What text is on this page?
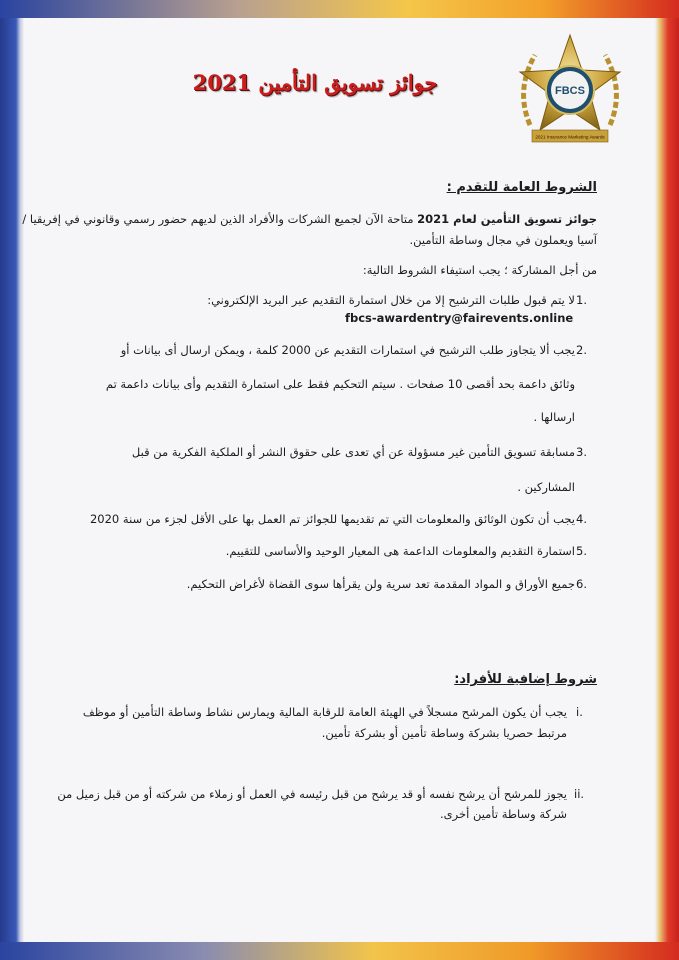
FBCS
2021 Insurance Marketing Awards
جوائز تسويق التأمين 2021
الشروط العامة للتقدم :
جوائز تسويق التأمين لعام 2021 متاحة الآن لجميع الشركات والأفراد الذين لديهم حضور رسمي وقانوني في إفريقيا /
آسيا ويعملون في مجال وساطة التأمين.
من أجل المشاركة ؛ يجب استيفاء الشروط التالية:
لا يتم قبول طلبات الترشيح إلا من خلال استمارة التقديم عبر البريد الإلكتروني: 1.
fbcs-awardentry@fairevents.online
يجب ألا يتجاوز طلب الترشيح في استمارات التقديم عن 2000 كلمة ، ويمكن ارسال أى بيانات أو 2.
وثائق داعمة بحد أقصى 10 صفحات . سيتم التحكيم فقط على استمارة التقديم وأى بيانات داعمة تم
ارسالها .
مسابقة تسويق التأمين غير مسؤولة عن أي تعدى على حقوق النشر أو الملكية الفكرية من قبل 3.
المشاركين .
يجب أن تكون الوثائق والمعلومات التي تم تقديمها للجوائز تم العمل بها على الأقل لجزء من سنة 2020 4.
استمارة التقديم والمعلومات الداعمة هى المعيار الوحيد والأساسى للتقييم. 5.
جميع الأوراق و المواد المقدمة تعد سرية ولن يقرأها سوى القضاة لأغراض التحكيم. 6.
شروط إضافية للأفراد:
يجب أن يكون المرشح مسجلاً في الهيئة العامة للرقابة المالية ويمارس نشاط وساطة التأمين أو موظف i.
مرتبط حصريا بشركة وساطة تأمين أو بشركة تأمين.
يجوز للمرشح أن يرشح نفسه أو قد يرشح من قبل رئيسه في العمل أو زملاء من شركته أو من قبل زميل من ii.
شركة وساطة تأمين أخرى.
